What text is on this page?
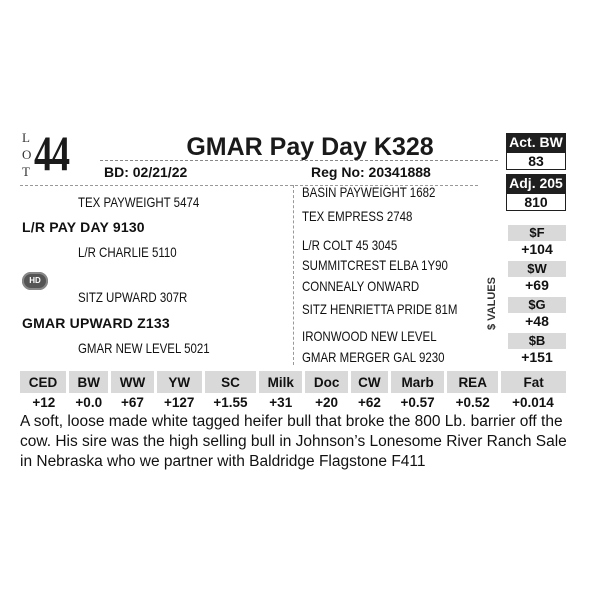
L
O
T 44	GMAR Pay Day K328
BD: 02/21/22	Reg No: 20341888
Act. BW
83
Adj. 205
810
TEX PAYWEIGHT 5474
L/R PAY DAY 9130
L/R CHARLIE 5110
HD 50K	SITZ UPWARD 307R
GMAR UPWARD Z133
GMAR NEW LEVEL 5021
BASIN PAYWEIGHT 1682
TEX EMPRESS 2748
L/R COLT 45 3045
SUMMITCREST ELBA 1Y90
CONNEALY ONWARD
SITZ HENRIETTA PRIDE 81M
IRONWOOD NEW LEVEL
GMAR MERGER GAL 9230
$ VALUES
$F
+104
$W
+69
$G
+48
$B
+151
CED	BW	WW	YW	SC	Milk	Doc	CW	Marb	REA	Fat
+12	+0.0	+67	+127	+1.55	+31	+20	+62	+0.57	+0.52	+0.014
A soft, loose made white tagged heifer bull that broke the 800 Lb. barrier off the cow. His sire was the high selling bull in Johnson’s Lonesome River Ranch Sale in Nebraska who we partner with Baldridge Flagstone F411
